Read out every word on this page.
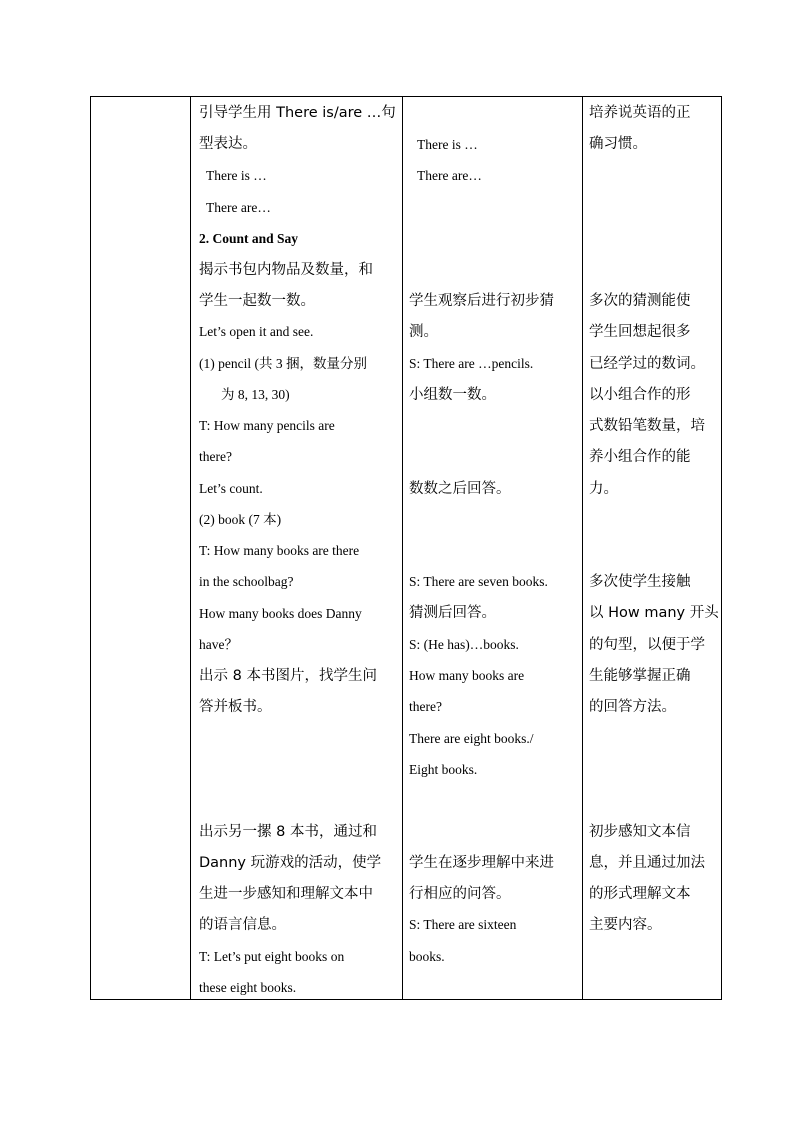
引导学生用 There is/are …句
型表达。
There is …
There are…
2. Count and Say
揭示书包内物品及数量，和
学生一起数一数。
Let’s open it and see.
(1) pencil (共 3 捆，数量分别
为 8, 13, 30)
T: How many pencils are
there?
Let’s count.
(2) book (7 本)
T: How many books are there
in the schoolbag?
How many books does Danny
have？
出示 8 本书图片，找学生问
答并板书。
出示另一摞 8 本书，通过和
Danny 玩游戏的活动，使学
生进一步感知和理解文本中
的语言信息。
T: Let’s put eight books on
these eight books.
There is …
There are…
学生观察后进行初步猜
测。
S: There are …pencils.
小组数一数。
数数之后回答。
S: There are seven books.
猜测后回答。
S: (He has)…books.
How many books are
there?
There are eight books./
Eight books.
学生在逐步理解中来进
行相应的问答。
S: There are sixteen
books.
培养说英语的正
确习惯。
多次的猜测能使
学生回想起很多
已经学过的数词。
以小组合作的形
式数铅笔数量，培
养小组合作的能
力。
多次使学生接触
以 How many 开头
的句型，以便于学
生能够掌握正确
的回答方法。
初步感知文本信
息，并且通过加法
的形式理解文本
主要内容。
